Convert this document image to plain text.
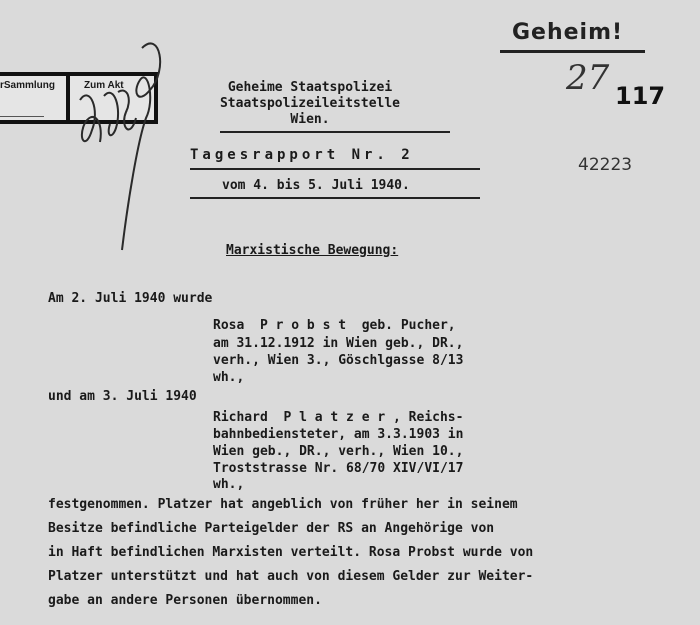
rSammlung	Zum Akt	Geheime Staatspolizei
Staatspolizeileitstelle
Wien.
Geheim!
27 117
42223
Tagesrapport Nr. 2
vom 4. bis 5. Juli 1940.
Marxistische Bewegung:
Am 2. Juli 1940 wurde
Rosa  P r o b s t  geb. Pucher,
am 31.12.1912 in Wien geb., DR.,
verh., Wien 3., Göschlgasse 8/13
wh.,
und am 3. Juli 1940
Richard  P l a t z e r , Reichs-
bahnbediensteter, am 3.3.1903 in
Wien geb., DR., verh., Wien 10.,
Troststrasse Nr. 68/70 XIV/VI/17
wh.,
festgenommen. Platzer hat angeblich von früher her in seinem
Besitze befindliche Parteigelder der RS an Angehörige von
in Haft befindlichen Marxisten verteilt. Rosa Probst wurde von
Platzer unterstützt und hat auch von diesem Gelder zur Weiter-
gabe an andere Personen übernommen.
